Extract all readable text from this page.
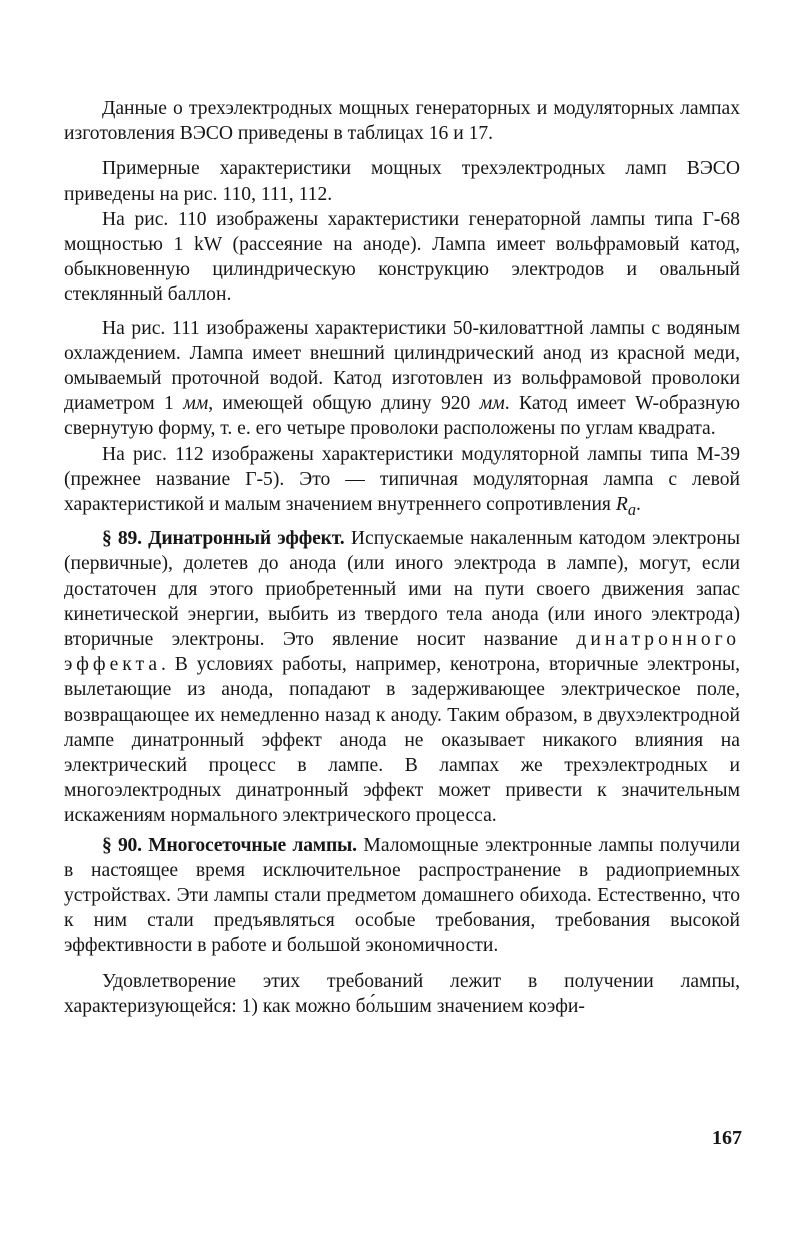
Данные о трехэлектродных мощных генераторных и модуляторных лампах изготовления ВЭСО приведены в таблицах 16 и 17.

Примерные характеристики мощных трехэлектродных ламп ВЭСО приведены на рис. 110, 111, 112.

На рис. 110 изображены характеристики генераторной лампы типа Г-68 мощностью 1 kW (рассеяние на аноде). Лампа имеет вольфрамовый катод, обыкновенную цилиндрическую конструкцию электродов и овальный стеклянный баллон.

На рис. 111 изображены характеристики 50-киловаттной лампы с водяным охлаждением. Лампа имеет внешний цилиндрический анод из красной меди, омываемый проточной водой. Катод изготовлен из вольфрамовой проволоки диаметром 1 мм, имеющей общую длину 920 мм. Катод имеет W-образную свернутую форму, т. е. его четыре проволоки расположены по углам квадрата.

На рис. 112 изображены характеристики модуляторной лампы типа М-39 (прежнее название Г-5). Это — типичная модуляторная лампа с левой характеристикой и малым значением внутреннего сопротивления $R_a$.

§ 89. Динатронный эффект. Испускаемые накаленным катодом электроны (первичные), долетев до анода (или иного электрода в лампе), могут, если достаточен для этого приобретенный ими на пути своего движения запас кинетической энергии, выбить из твердого тела анода (или иного электрода) вторичные электроны. Это явление носит название динатронного эффекта. В условиях работы, например, кенотрона, вторичные электроны, вылетающие из анода, попадают в задерживающее электрическое поле, возвращающее их немедленно назад к аноду. Таким образом, в двухэлектродной лампе динатронный эффект анода не оказывает никакого влияния на электрический процесс в лампе. В лампах же трехэлектродных и многоэлектродных динатронный эффект может привести к значительным искажениям нормального электрического процесса.

§ 90. Многосеточные лампы. Маломощные электронные лампы получили в настоящее время исключительное распространение в радиоприемных устройствах. Эти лампы стали предметом домашнего обихода. Естественно, что к ним стали предъявляться особые требования, требования высокой эффективности в работе и большой экономичности.

Удовлетворение этих требований лежит в получении лампы, характеризующейся: 1) как можно бо́льшим значением коэфи-

167
